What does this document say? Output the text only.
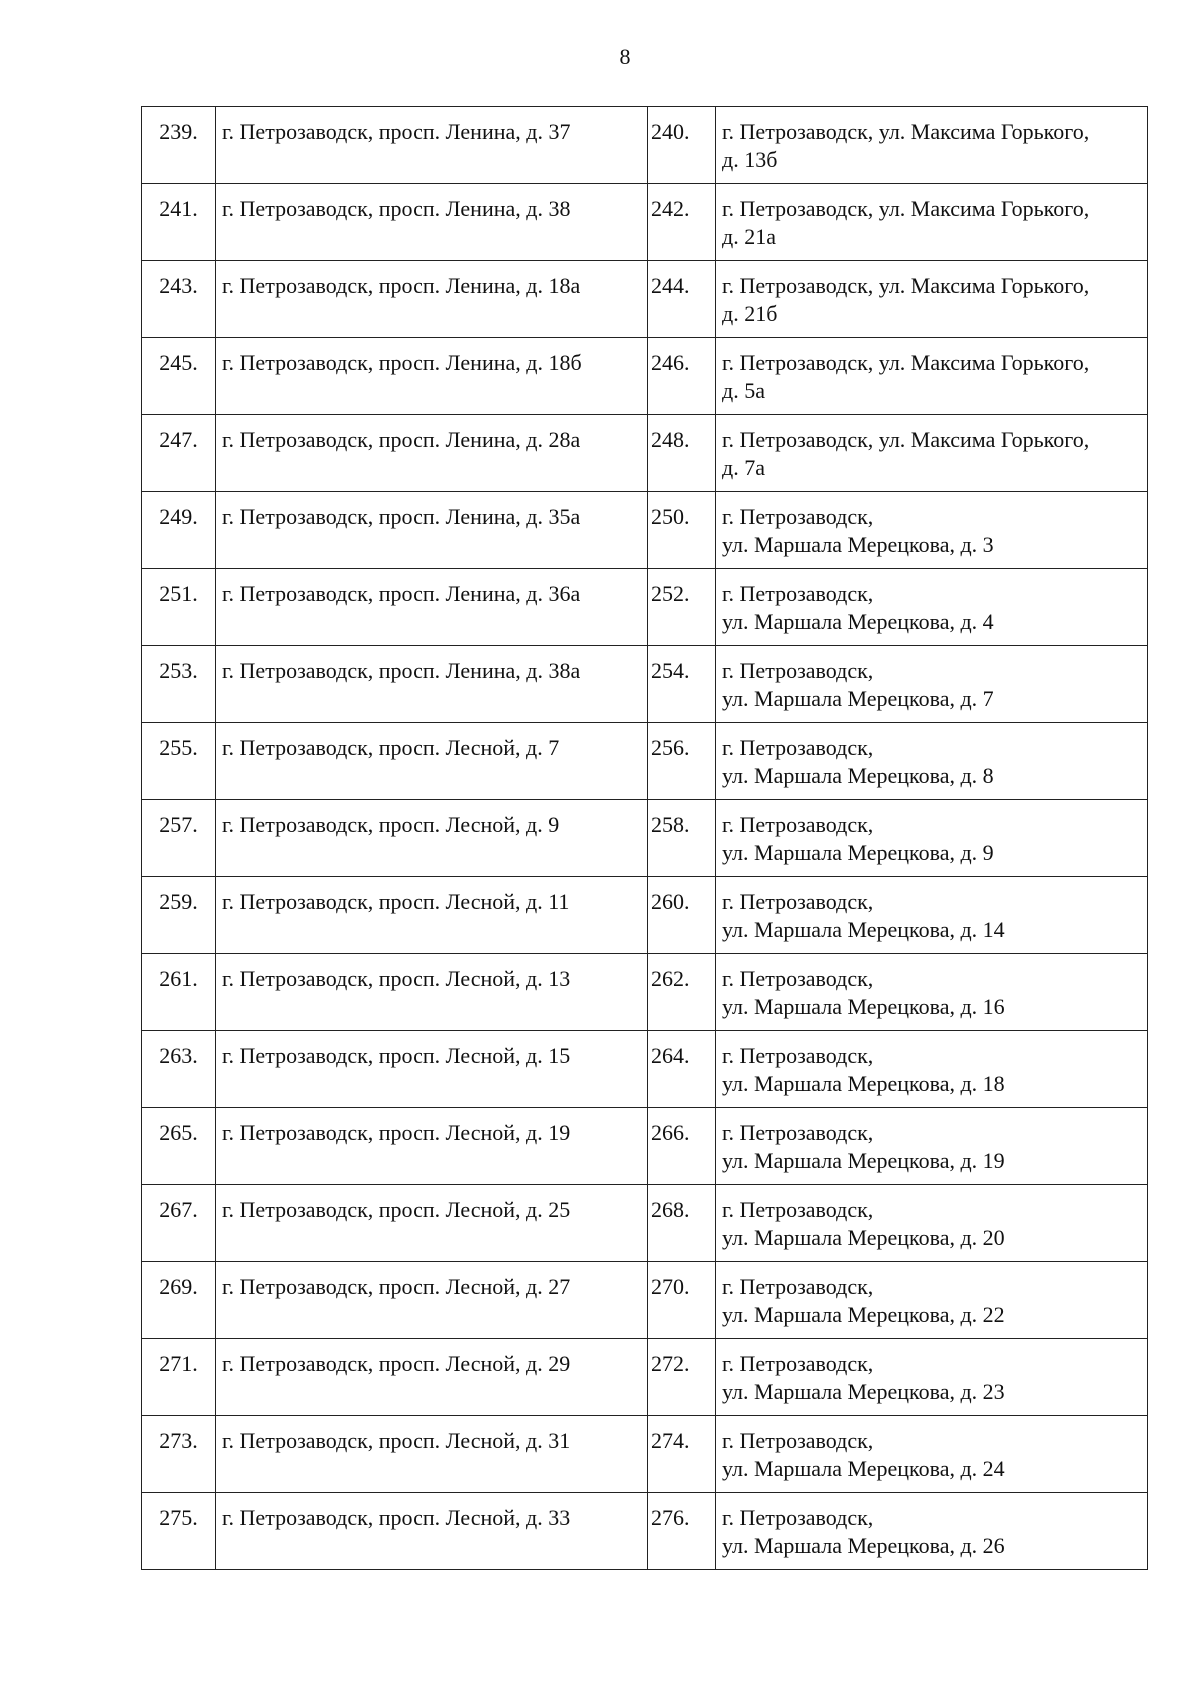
8
239.	г. Петрозаводск, просп. Ленина, д. 37	240.	г. Петрозаводск, ул. Максима Горького,
д. 13б

241.	г. Петрозаводск, просп. Ленина, д. 38	242.	г. Петрозаводск, ул. Максима Горького,
д. 21а

243.	г. Петрозаводск, просп. Ленина, д. 18а	244.	г. Петрозаводск, ул. Максима Горького,
д. 21б

245.	г. Петрозаводск, просп. Ленина, д. 18б	246.	г. Петрозаводск, ул. Максима Горького,
д. 5а

247.	г. Петрозаводск, просп. Ленина, д. 28а	248.	г. Петрозаводск, ул. Максима Горького,
д. 7а

249.	г. Петрозаводск, просп. Ленина, д. 35а	250.	г. Петрозаводск,
ул. Маршала Мерецкова, д. 3

251.	г. Петрозаводск, просп. Ленина, д. 36а	252.	г. Петрозаводск,
ул. Маршала Мерецкова, д. 4

253.	г. Петрозаводск, просп. Ленина, д. 38а	254.	г. Петрозаводск,
ул. Маршала Мерецкова, д. 7

255.	г. Петрозаводск, просп. Лесной, д. 7	256.	г. Петрозаводск,
ул. Маршала Мерецкова, д. 8

257.	г. Петрозаводск, просп. Лесной, д. 9	258.	г. Петрозаводск,
ул. Маршала Мерецкова, д. 9

259.	г. Петрозаводск, просп. Лесной, д. 11	260.	г. Петрозаводск,
ул. Маршала Мерецкова, д. 14

261.	г. Петрозаводск, просп. Лесной, д. 13	262.	г. Петрозаводск,
ул. Маршала Мерецкова, д. 16

263.	г. Петрозаводск, просп. Лесной, д. 15	264.	г. Петрозаводск,
ул. Маршала Мерецкова, д. 18

265.	г. Петрозаводск, просп. Лесной, д. 19	266.	г. Петрозаводск,
ул. Маршала Мерецкова, д. 19

267.	г. Петрозаводск, просп. Лесной, д. 25	268.	г. Петрозаводск,
ул. Маршала Мерецкова, д. 20

269.	г. Петрозаводск, просп. Лесной, д. 27	270.	г. Петрозаводск,
ул. Маршала Мерецкова, д. 22

271.	г. Петрозаводск, просп. Лесной, д. 29	272.	г. Петрозаводск,
ул. Маршала Мерецкова, д. 23

273.	г. Петрозаводск, просп. Лесной, д. 31	274.	г. Петрозаводск,
ул. Маршала Мерецкова, д. 24

275.	г. Петрозаводск, просп. Лесной, д. 33	276.	г. Петрозаводск,
ул. Маршала Мерецкова, д. 26
